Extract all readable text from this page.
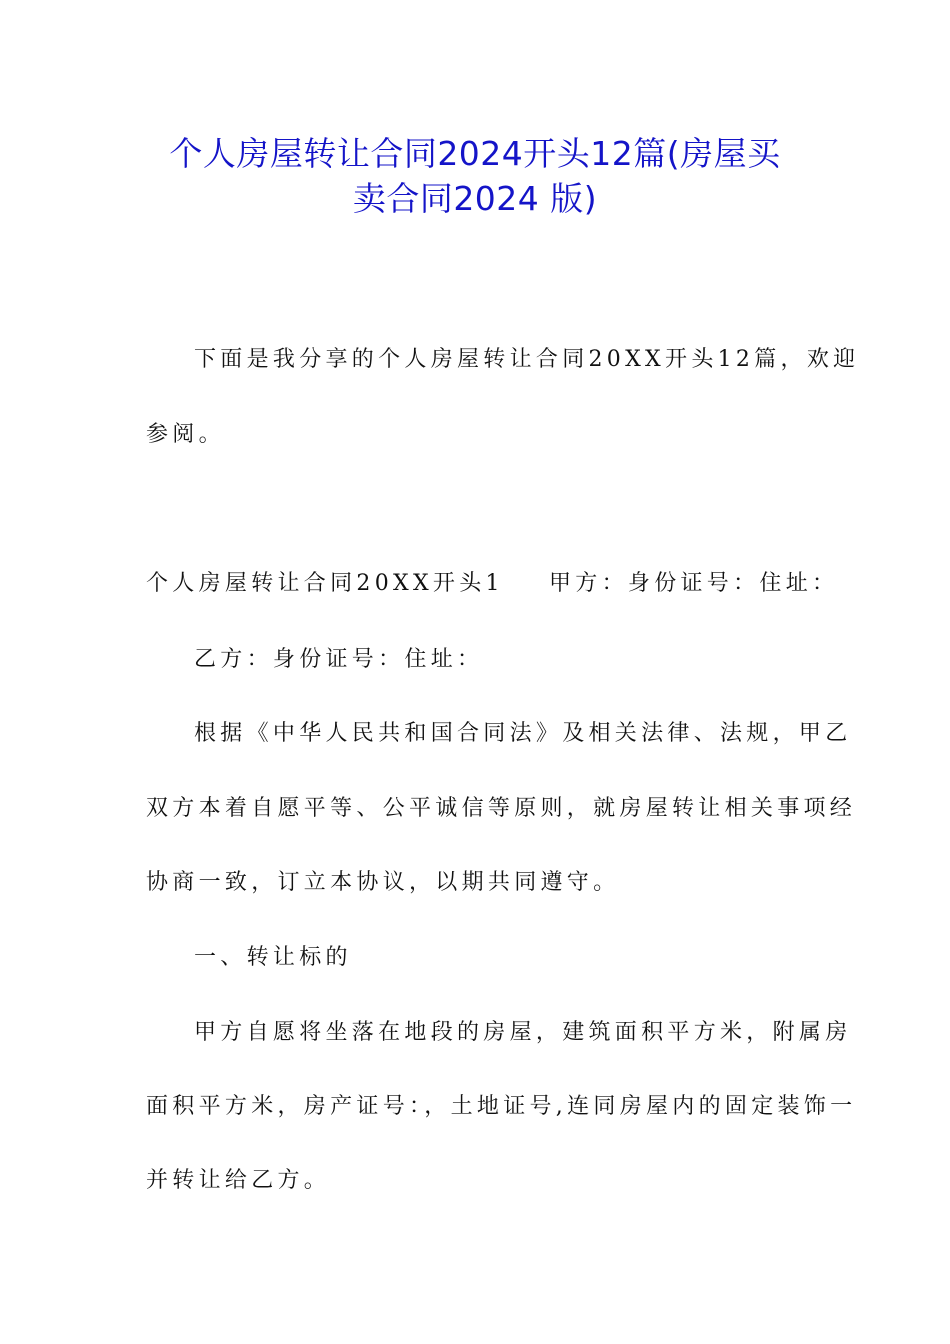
个人房屋转让合同2024开头12篇(房屋买
卖合同2024 版)
下面是我分享的个人房屋转让合同20XX开头12篇，欢迎
参阅。
个人房屋转让合同20XX开头1    甲方：身份证号：住址：
乙方：身份证号：住址：
根据《中华人民共和国合同法》及相关法律、法规，甲乙
双方本着自愿平等、公平诚信等原则，就房屋转让相关事项经
协商一致，订立本协议，以期共同遵守。
一、转让标的
甲方自愿将坐落在地段的房屋，建筑面积平方米，附属房
面积平方米，房产证号：，土地证号,连同房屋内的固定装饰一
并转让给乙方。
